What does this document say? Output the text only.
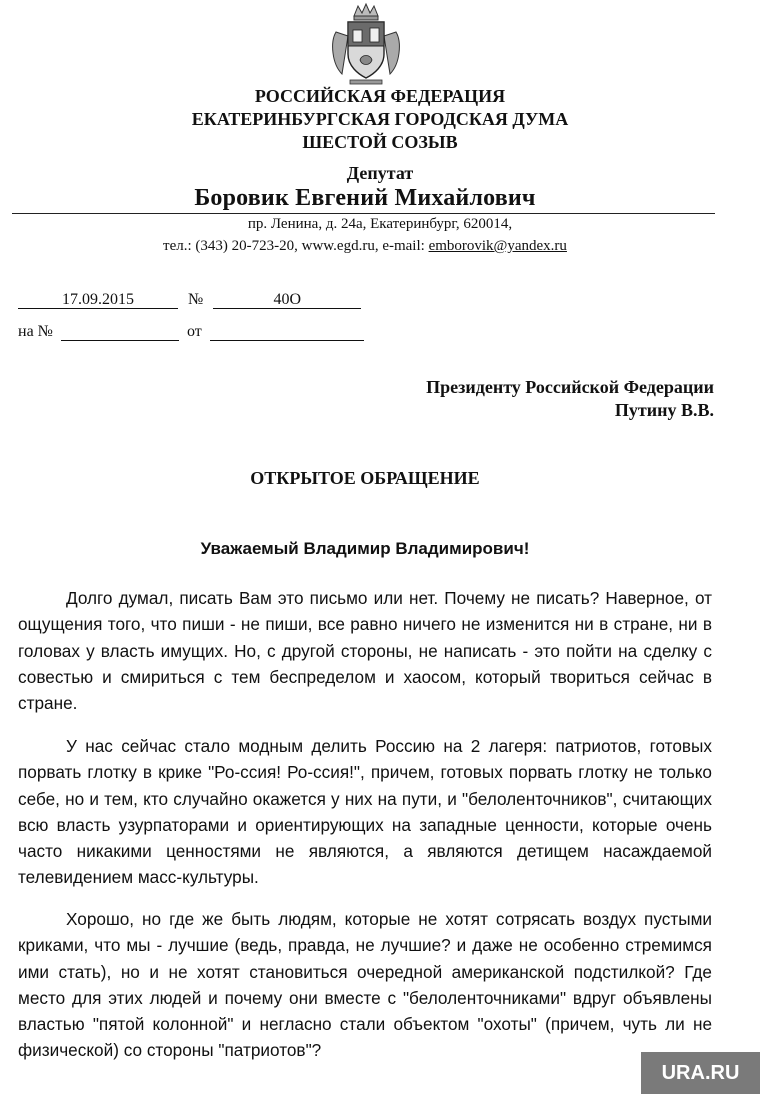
РОССИЙСКАЯ ФЕДЕРАЦИЯ
ЕКАТЕРИНБУРГСКАЯ ГОРОДСКАЯ ДУМА
ШЕСТОЙ СОЗЫВ
Депутат
Боровик Евгений Михайлович
пр. Ленина, д. 24а, Екатеринбург, 620014,
тел.: (343) 20-723-20, www.egd.ru, e-mail: emborovik@yandex.ru
17.09.2015	№	40О
на №	от
Президенту Российской Федерации
Путину В.В.
ОТКРЫТОЕ ОБРАЩЕНИЕ
Уважаемый Владимир Владимирович!

Долго думал, писать Вам это письмо или нет. Почему не писать? Наверное, от ощущения того, что пиши - не пиши, все равно ничего не изменится ни в стране, ни в головах у власть имущих. Но, с другой стороны, не написать - это пойти на сделку с совестью и смириться с тем беспределом и хаосом, который твориться сейчас в стране.

У нас сейчас стало модным делить Россию на 2 лагеря: патриотов, готовых порвать глотку в крике "Ро-ссия! Ро-ссия!", причем, готовых порвать глотку не только себе, но и тем, кто случайно окажется у них на пути, и "белоленточников", считающих всю власть узурпаторами и ориентирующих на западные ценности, которые очень часто никакими ценностями не являются, а являются детищем насаждаемой телевидением масс-культуры.

Хорошо, но где же быть людям, которые не хотят сотрясать воздух пустыми криками, что мы - лучшие (ведь, правда, не лучшие? и даже не особенно стремимся ими стать), но и не хотят становиться очередной американской подстилкой? Где место для этих людей и почему они вместе с "белоленточниками" вдруг объявлены властью "пятой колонной" и негласно стали объектом "охоты" (причем, чуть ли не физической) со стороны "патриотов"?

URA.RU
